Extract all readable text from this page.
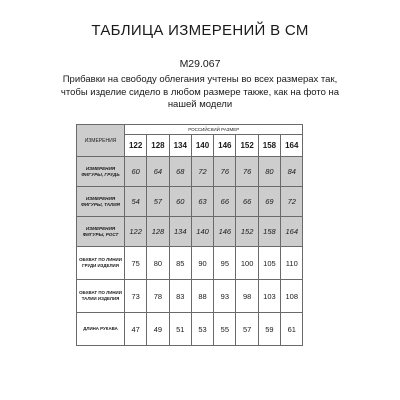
ТАБЛИЦА ИЗМЕРЕНИЙ В СМ
M29.067
Прибавки на свободу облегания учтены во всех размерах так, чтобы изделие сидело в любом размере также, как на фото на нашей модели
ИЗМЕРЕНИЯ	РОССИЙСКИЙ РАЗМЕР							
	122	128	134	140	146	152	158	164
ИЗМЕРЕНИЯ ФИГУРЫ, ГРУДЬ	60	64	68	72	76	76	80	84
ИЗМЕРЕНИЯ ФИГУРЫ, ТАЛИЯ	54	57	60	63	66	66	69	72
ИЗМЕРЕНИЯ ФИГУРЫ, РОСТ	122	128	134	140	146	152	158	164
ОБХВАТ ПО ЛИНИИ ГРУДИ ИЗДЕЛИЯ	75	80	85	90	95	100	105	110
ОБХВАТ ПО ЛИНИИ ТАЛИИ ИЗДЕЛИЯ	73	78	83	88	93	98	103	108
ДЛИНА РУКАВА	47	49	51	53	55	57	59	61
